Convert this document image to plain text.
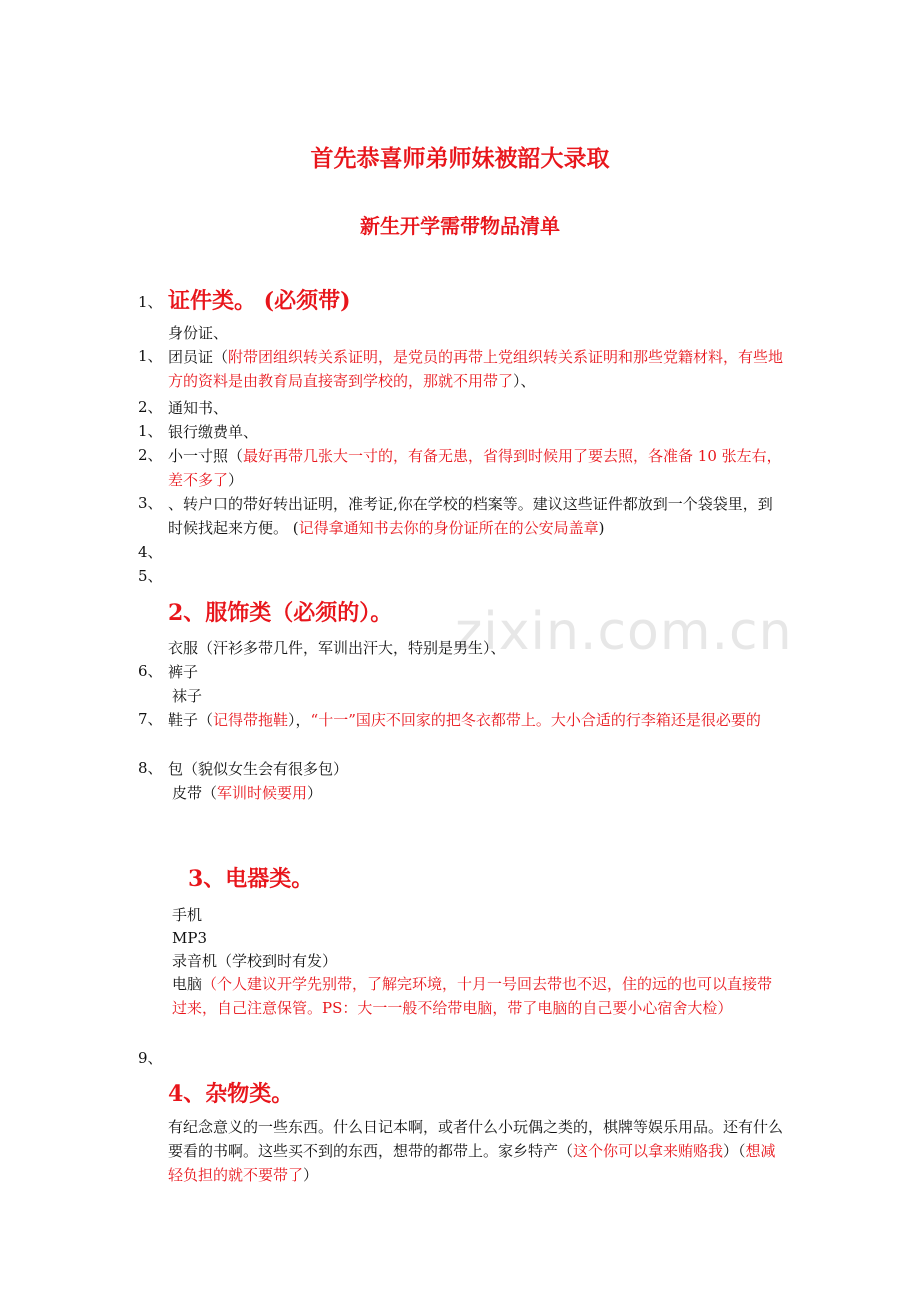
zixin.com.cn
首先恭喜师弟师妹被韶大录取
新生开学需带物品清单
1、 证件类。 (必须带)
身份证、
1、 团员证（附带团组织转关系证明，是党员的再带上党组织转关系证明和那些党籍材料，有些地方的资料是由教育局直接寄到学校的，那就不用带了）、
2、 通知书、
1、 银行缴费单、
2、 小一寸照（最好再带几张大一寸的，有备无患，省得到时候用了要去照，各准备 10 张左右，差不多了）
3、 、转户口的带好转出证明，准考证,你在学校的档案等。建议这些证件都放到一个袋袋里，到时候找起来方便。 (记得拿通知书去你的身份证所在的公安局盖章)
4、
5、
2、服饰类（必须的）。
衣服（汗衫多带几件，军训出汗大，特别是男生）、
6、 裤子
袜子
7、 鞋子（记得带拖鞋），“十一”国庆不回家的把冬衣都带上。大小合适的行李箱还是很必要的
8、 包（貌似女生会有很多包）
皮带（军训时候要用）
3、电器类。
手机
MP3
录音机（学校到时有发）
电脑（个人建议开学先别带，了解完环境，十月一号回去带也不迟，住的远的也可以直接带过来，自己注意保管。PS：大一一般不给带电脑，带了电脑的自己要小心宿舍大检）
9、
4、杂物类。
有纪念意义的一些东西。什么日记本啊，或者什么小玩偶之类的，棋牌等娱乐用品。还有什么要看的书啊。这些买不到的东西，想带的都带上。家乡特产（这个你可以拿来贿赂我）（想减轻负担的就不要带了）
